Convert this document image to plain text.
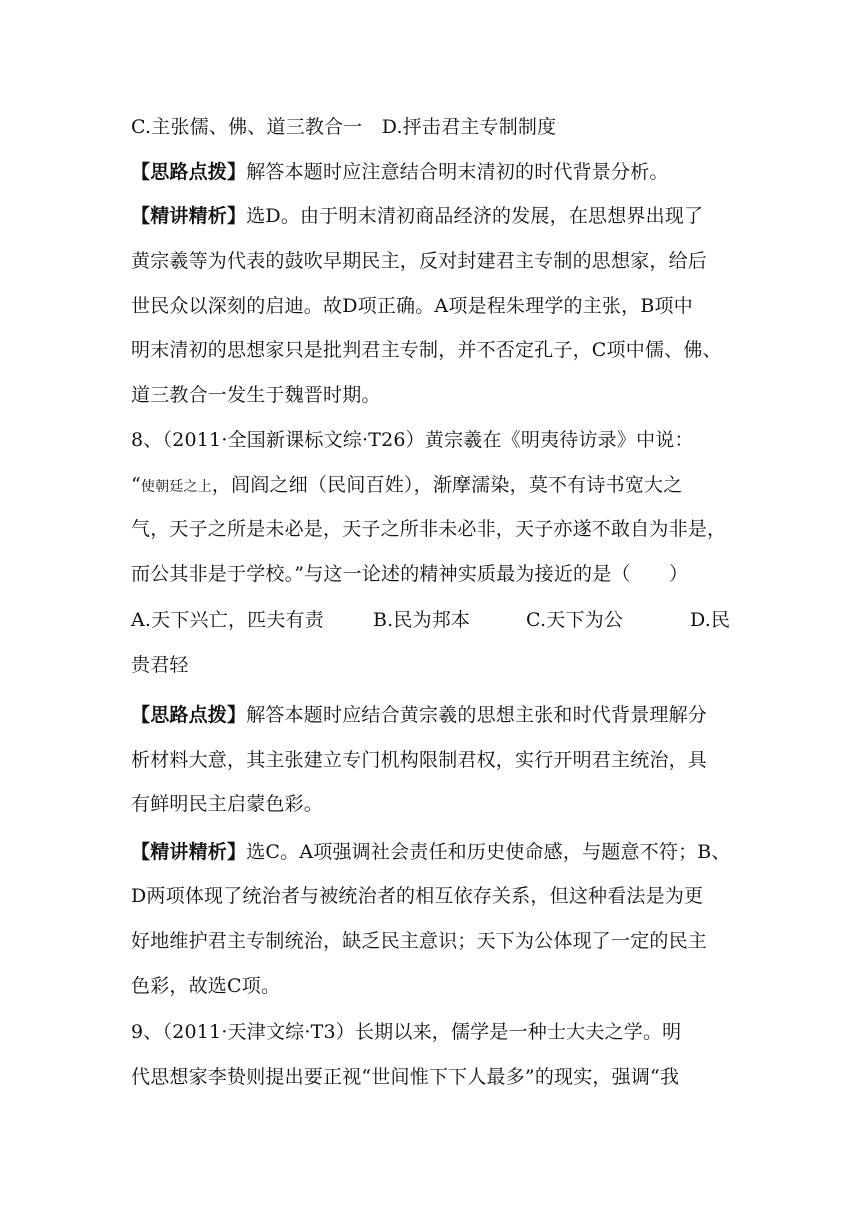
C.主张儒、佛、道三教合一　D.抨击君主专制制度
【思路点拨】解答本题时应注意结合明末清初的时代背景分析。
【精讲精析】选D。由于明末清初商品经济的发展，在思想界出现了
黄宗羲等为代表的鼓吹早期民主，反对封建君主专制的思想家，给后
世民众以深刻的启迪。故D项正确。A项是程朱理学的主张，B项中
明末清初的思想家只是批判君主专制，并不否定孔子，C项中儒、佛、
道三教合一发生于魏晋时期。
8、（2011·全国新课标文综·T26）黄宗羲在《明夷待访录》中说：
“使朝廷之上，闾阎之细（民间百姓），渐摩濡染，莫不有诗书宽大之
气，天子之所是未必是，天子之所非未必非，天子亦遂不敢自为非是，
而公其非是于学校。”与这一论述的精神实质最为接近的是（　　）
A.天下兴亡，匹夫有责	B.民为邦本	C.天下为公	D.民
贵君轻
【思路点拨】解答本题时应结合黄宗羲的思想主张和时代背景理解分
析材料大意，其主张建立专门机构限制君权，实行开明君主统治，具
有鲜明民主启蒙色彩。
【精讲精析】选C。A项强调社会责任和历史使命感，与题意不符；B、
D两项体现了统治者与被统治者的相互依存关系，但这种看法是为更
好地维护君主专制统治，缺乏民主意识；天下为公体现了一定的民主
色彩，故选C项。
9、（2011·天津文综·T3）长期以来，儒学是一种士大夫之学。明
代思想家李贽则提出要正视“世间惟下下人最多”的现实，强调“我
